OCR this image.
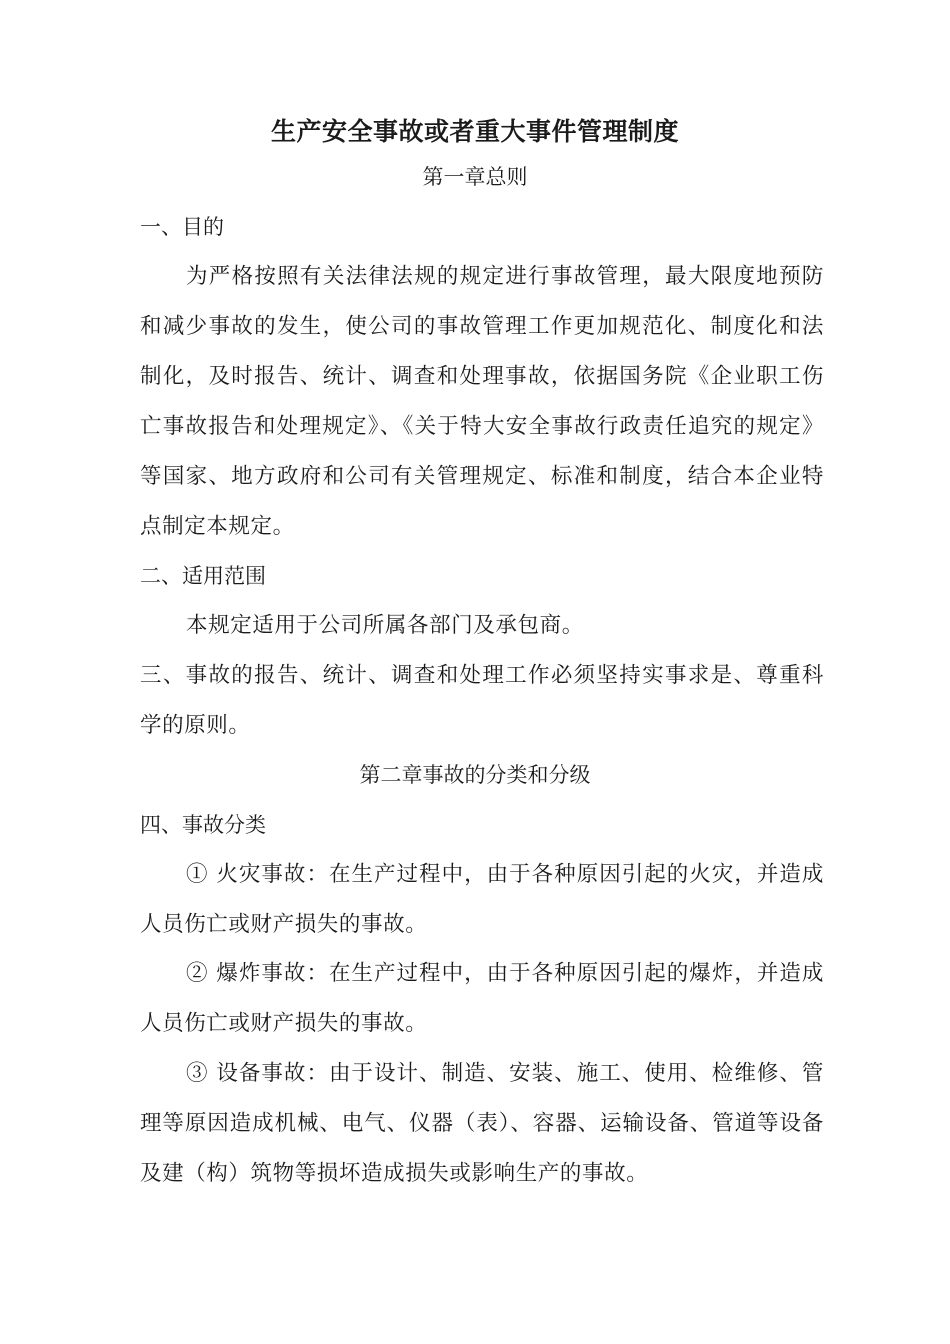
生产安全事故或者重大事件管理制度
第一章总则
一、目的
为严格按照有关法律法规的规定进行事故管理，最大限度地预防和减少事故的发生，使公司的事故管理工作更加规范化、制度化和法制化，及时报告、统计、调查和处理事故，依据国务院《企业职工伤亡事故报告和处理规定》、《关于特大安全事故行政责任追究的规定》等国家、地方政府和公司有关管理规定、标准和制度，结合本企业特点制定本规定。
二、适用范围
本规定适用于公司所属各部门及承包商。
三、事故的报告、统计、调查和处理工作必须坚持实事求是、尊重科学的原则。
第二章事故的分类和分级
四、事故分类
① 火灾事故：在生产过程中，由于各种原因引起的火灾，并造成人员伤亡或财产损失的事故。
② 爆炸事故：在生产过程中，由于各种原因引起的爆炸，并造成人员伤亡或财产损失的事故。
③ 设备事故：由于设计、制造、安装、施工、使用、检维修、管理等原因造成机械、电气、仪器（表）、容器、运输设备、管道等设备及建（构）筑物等损坏造成损失或影响生产的事故。
